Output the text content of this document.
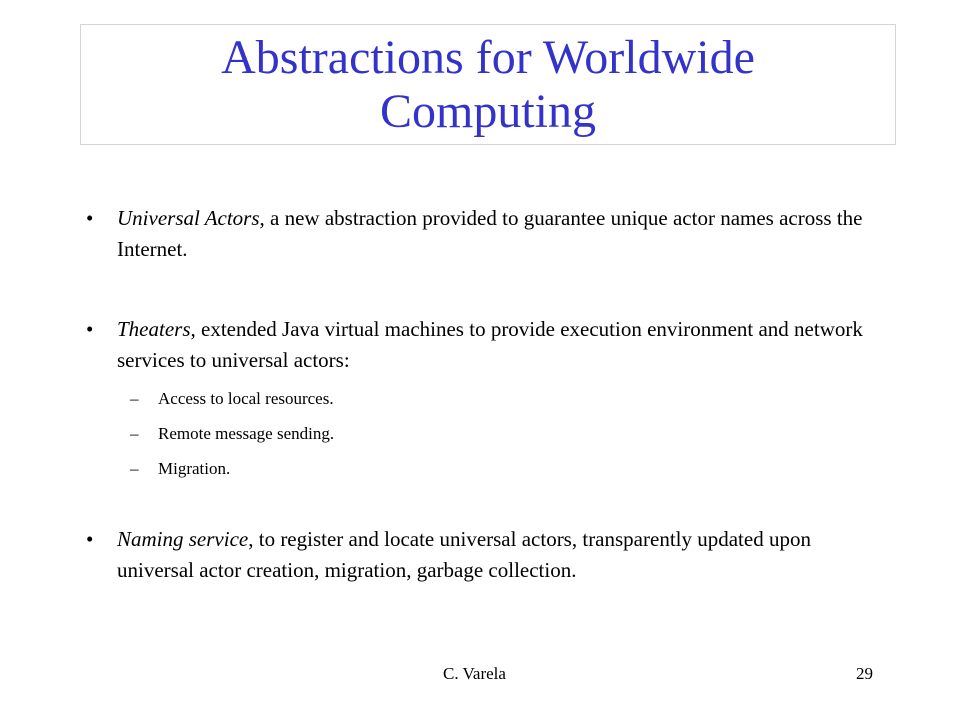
Abstractions for Worldwide
Computing
• Universal Actors, a new abstraction provided to guarantee unique actor names across the Internet.
• Theaters, extended Java virtual machines to provide execution environment and network services to universal actors:
– Access to local resources.
– Remote message sending.
– Migration.
• Naming service, to register and locate universal actors, transparently updated upon universal actor creation, migration, garbage collection.
C. Varela	29
